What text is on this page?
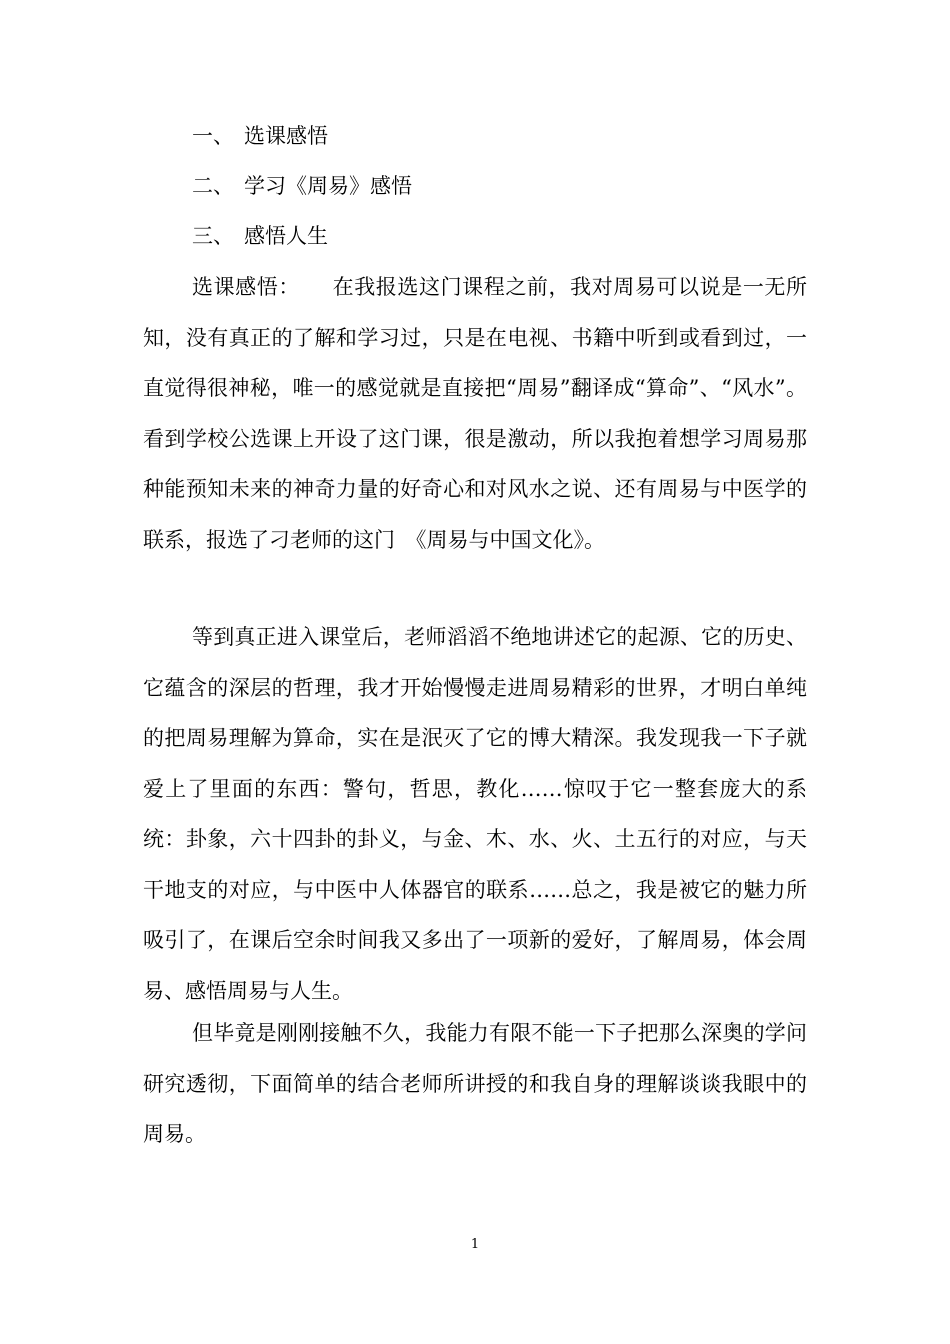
一、 选课感悟
二、 学习《周易》感悟
三、 感悟人生

选课感悟：　　在我报选这门课程之前，我对周易可以说是一无所知，没有真正的了解和学习过，只是在电视、书籍中听到或看到过，一直觉得很神秘，唯一的感觉就是直接把“周易”翻译成“算命”、“风水”。看到学校公选课上开设了这门课，很是激动，所以我抱着想学习周易那种能预知未来的神奇力量的好奇心和对风水之说、还有周易与中医学的联系，报选了刁老师的这门　《周易与中国文化》。

等到真正进入课堂后，老师滔滔不绝地讲述它的起源、它的历史、它蕴含的深层的哲理，我才开始慢慢走进周易精彩的世界，才明白单纯的把周易理解为算命，实在是泯灭了它的博大精深。我发现我一下子就爱上了里面的东西：警句，哲思，教化……惊叹于它一整套庞大的系统：卦象，六十四卦的卦义，与金、木、水、火、土五行的对应，与天干地支的对应，与中医中人体器官的联系……总之，我是被它的魅力所吸引了，在课后空余时间我又多出了一项新的爱好，了解周易，体会周易、感悟周易与人生。

但毕竟是刚刚接触不久，我能力有限不能一下子把那么深奥的学问研究透彻，下面简单的结合老师所讲授的和我自身的理解谈谈我眼中的周易。

1
